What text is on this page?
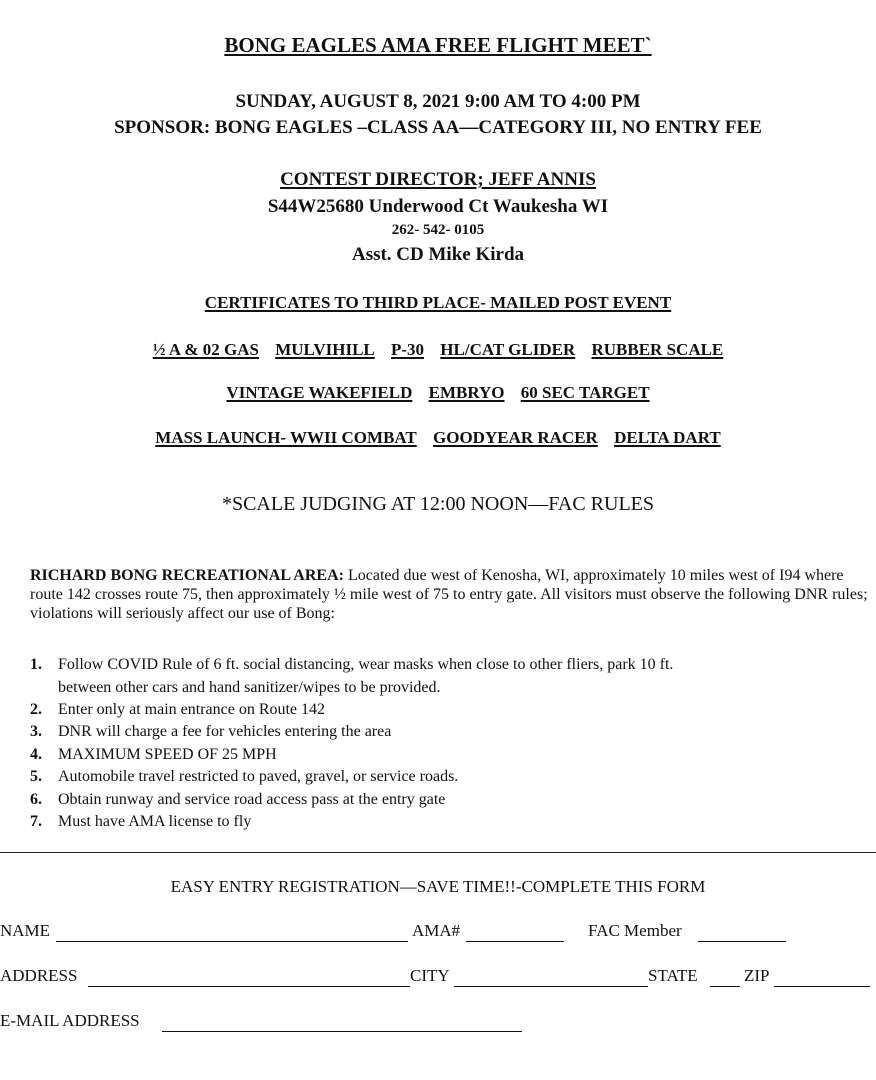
BONG EAGLES AMA FREE FLIGHT MEET`
SUNDAY, AUGUST 8, 2021 9:00 AM TO 4:00 PM
SPONSOR: BONG EAGLES –CLASS AA—CATEGORY III, NO ENTRY FEE
CONTEST DIRECTOR; JEFF ANNIS
S44W25680 Underwood Ct Waukesha WI
262- 542- 0105
Asst. CD Mike Kirda
CERTIFICATES TO THIRD PLACE- MAILED POST EVENT
½ A & 02 GAS MULVIHILL P-30 HL/CAT GLIDER RUBBER SCALE
VINTAGE WAKEFIELD EMBRYO 60 SEC TARGET
MASS LAUNCH- WWII COMBAT GOODYEAR RACER DELTA DART
*SCALE JUDGING AT 12:00 NOON—FAC RULES
RICHARD BONG RECREATIONAL AREA: Located due west of Kenosha, WI, approximately 10 miles west of I94 where route 142 crosses route 75, then approximately ½ mile west of 75 to entry gate. All visitors must observe the following DNR rules; violations will seriously affect our use of Bong:
1. Follow COVID Rule of 6 ft. social distancing, wear masks when close to other fliers, park 10 ft.
between other cars and hand sanitizer/wipes to be provided.
2. Enter only at main entrance on Route 142
3. DNR will charge a fee for vehicles entering the area
4. MAXIMUM SPEED OF 25 MPH
5. Automobile travel restricted to paved, gravel, or service roads.
6. Obtain runway and service road access pass at the entry gate
7. Must have AMA license to fly
EASY ENTRY REGISTRATION—SAVE TIME!!-COMPLETE THIS FORM
NAME	AMA#	FAC Member
ADDRESS	CITY	STATE	ZIP
E-MAIL ADDRESS
